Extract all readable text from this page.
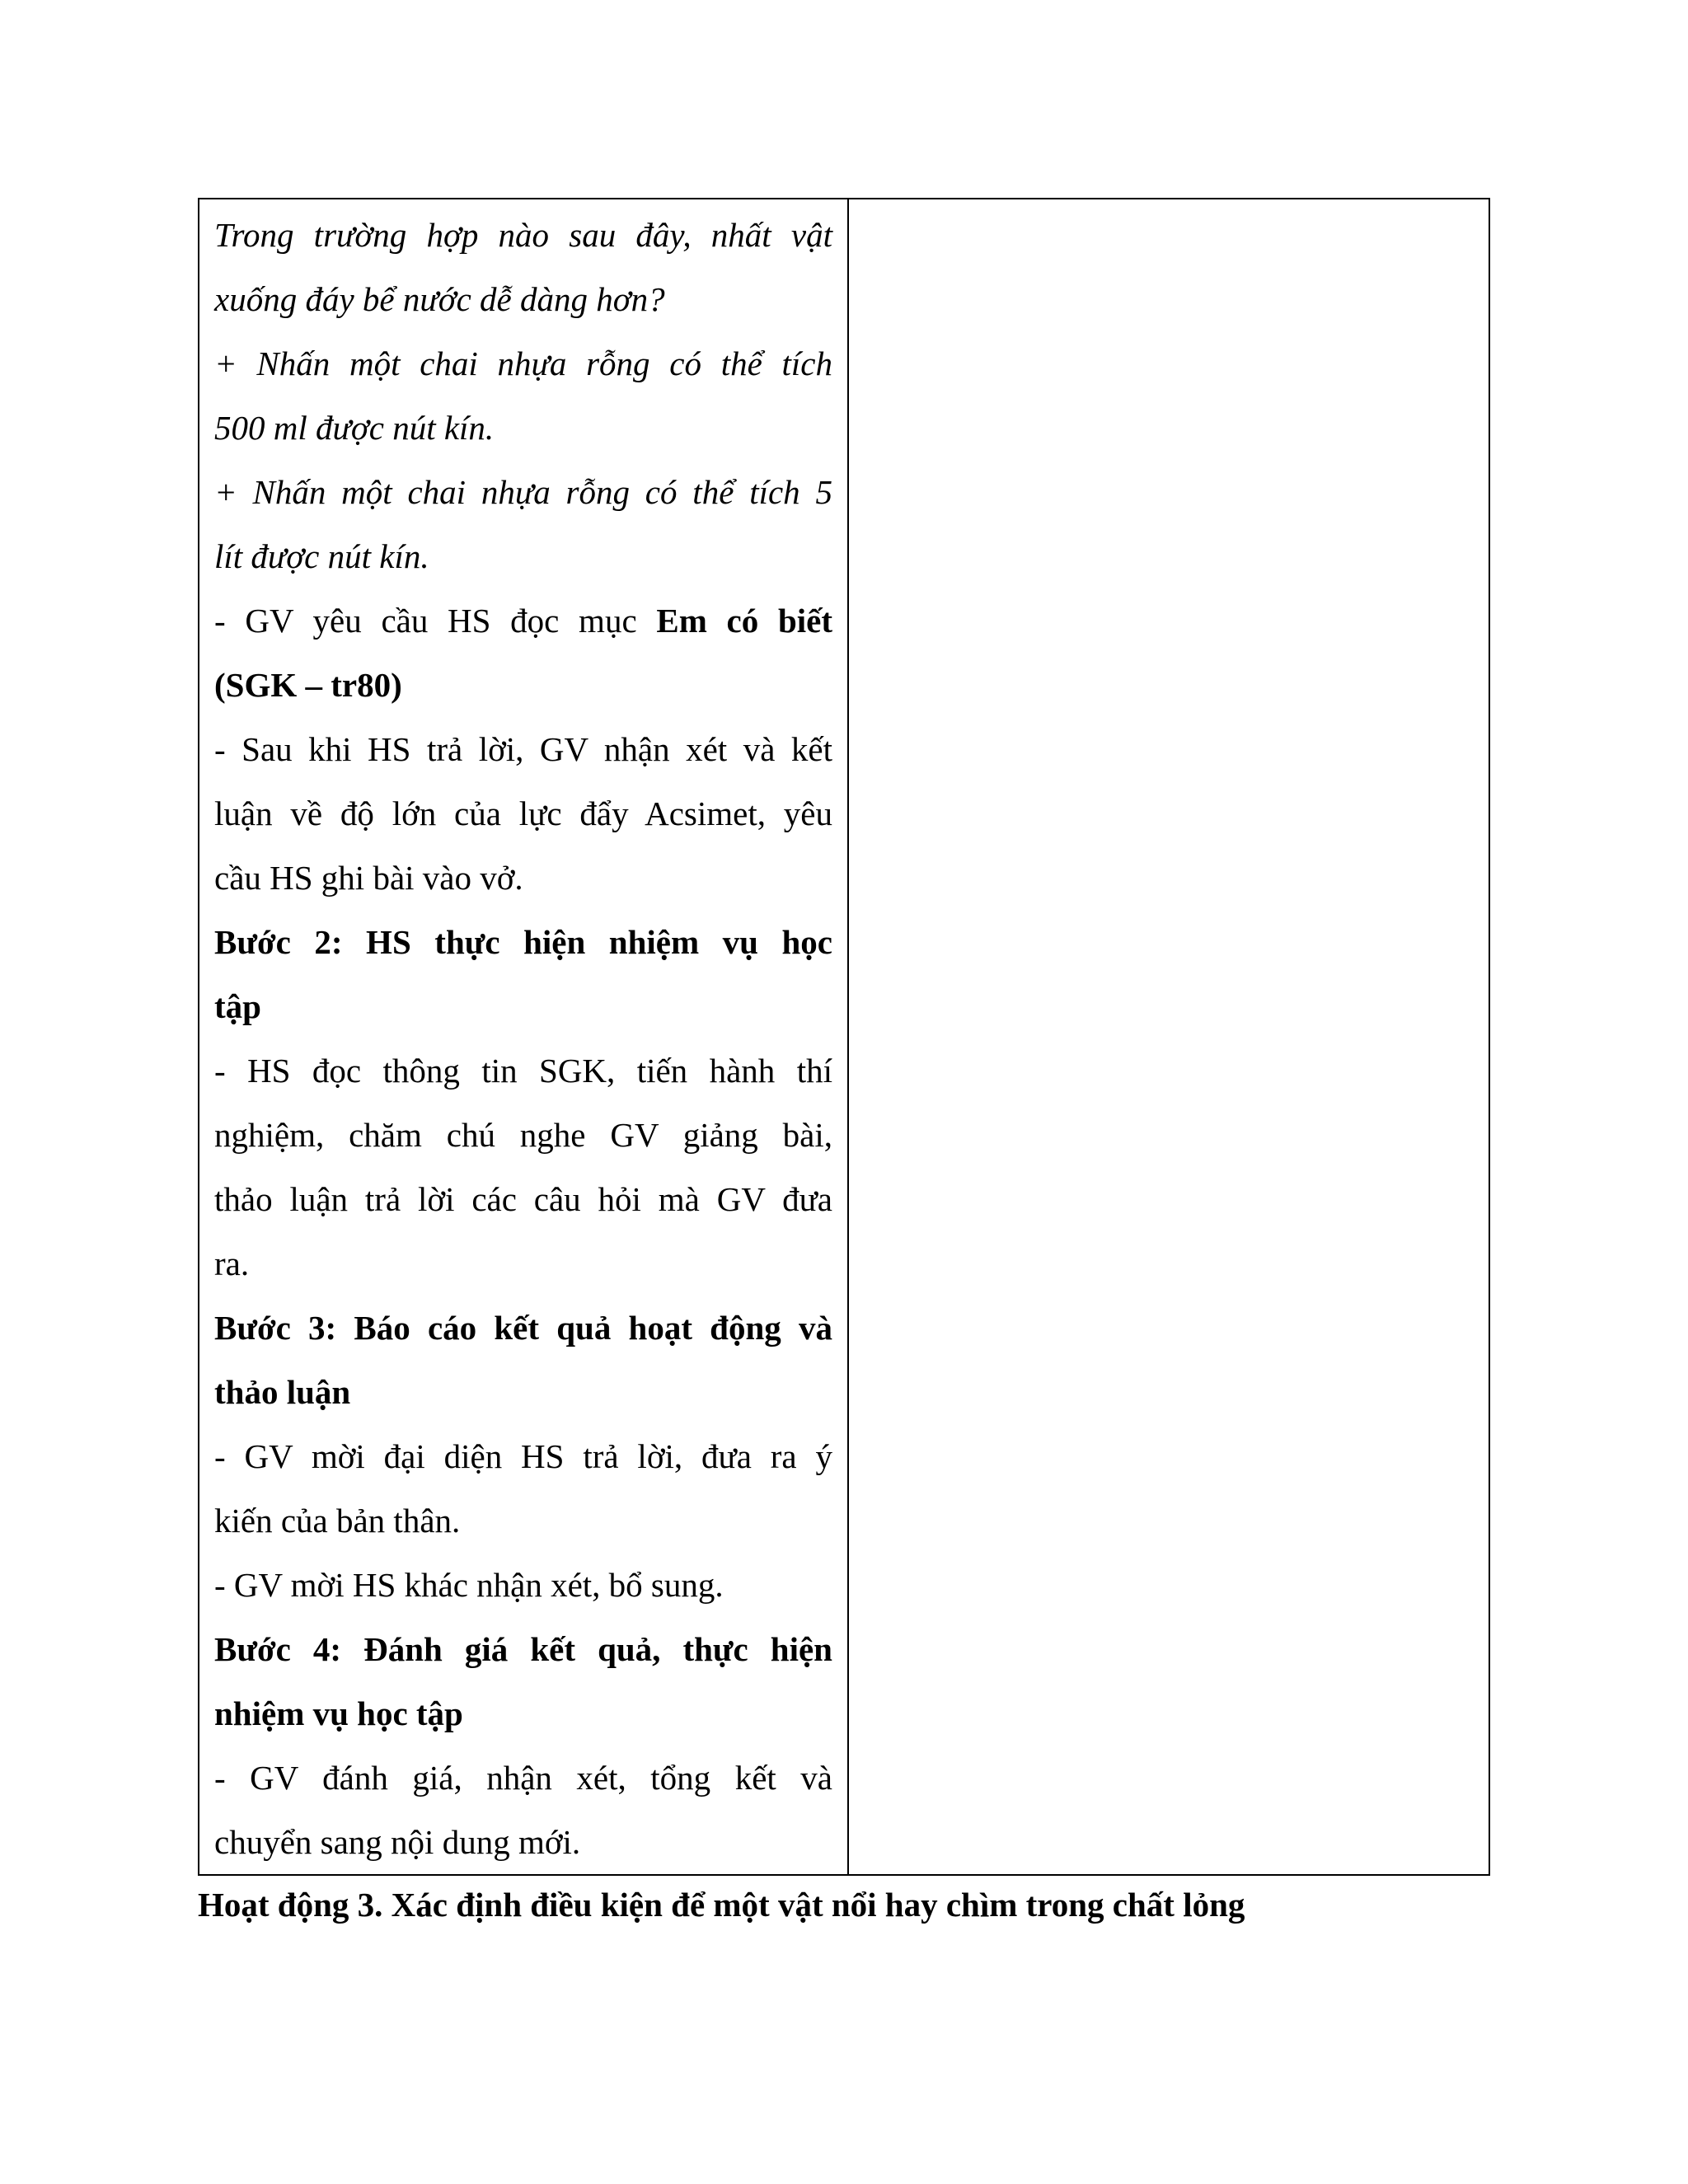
Trong trường hợp nào sau đây, nhất vật
xuống đáy bể nước dễ dàng hơn?
+ Nhấn một chai nhựa rỗng có thể tích
500 ml được nút kín.
+ Nhấn một chai nhựa rỗng có thể tích 5
lít được nút kín.
- GV yêu cầu HS đọc mục Em có biết
(SGK – tr80)
- Sau khi HS trả lời, GV nhận xét và kết
luận về độ lớn của lực đẩy Acsimet, yêu
cầu HS ghi bài vào vở.
Bước 2: HS thực hiện nhiệm vụ học
tập
- HS đọc thông tin SGK, tiến hành thí
nghiệm, chăm chú nghe GV giảng bài,
thảo luận trả lời các câu hỏi mà GV đưa
ra.
Bước 3: Báo cáo kết quả hoạt động và
thảo luận
- GV mời đại diện HS trả lời, đưa ra ý
kiến của bản thân.
- GV mời HS khác nhận xét, bổ sung.
Bước 4: Đánh giá kết quả, thực hiện
nhiệm vụ học tập
- GV đánh giá, nhận xét, tổng kết và
chuyển sang nội dung mới.

Hoạt động 3. Xác định điều kiện để một vật nổi hay chìm trong chất lỏng
